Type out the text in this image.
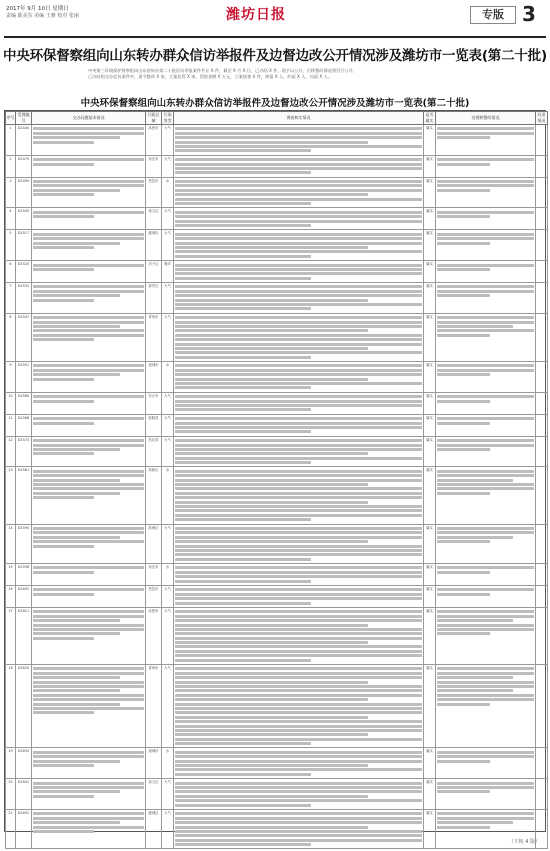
2017年 9月 10日 星期日
责编 陈美东 美编 王雅 校对 张丽	潍坊日报	专版 3
中央环保督察组向山东转办群众信访举报件及边督边改公开情况涉及潍坊市一览表(第二十批)

中央第三环境保护督察组向山东省转办第二十批信访举报案件共计 X 件，截至 9 月 X 日，已办结 X 件，现予以公开，后续整改情况将另行公开。

已办结的交办信访案件中，责令整改 X 家，立案处罚 X 家，罚款金额 X 万元，立案侦查 X 件，拘留 X 人，约谈 X 人，问责 X 人。

中央环保督察组向山东转办群众信访举报件及边督边改公开情况涉及潍坊市一览表(第二十批)
序号	受理编号	交办问题基本情况	行政区域	污染类型	调查核实情况	是否属实	处理和整改情况	问责情况
1	D1440		高密市	大气		属实	

2	D1470		寿光市	大气		属实	

3	D1490		昌邑市	水		属实	

4	D1500		奎文区	大气		属实	

5	D1517		潍城区	大气		属实	

6	D1520		坊子区	噪声		属实	

7	D1531		寒亭区	大气		属实	

8	D1547		青州市	大气		属实	

9	D1551		诸城市	水		属实	

10	D1560		安丘市	大气		属实	

11	D1568		临朐县	大气		属实	

12	D1573		昌乐县	大气		属实	

13	D1581		高新区	水		属实	

14	D1590		滨海区	大气		属实	

15	D1598		寿光市	水		属实	

16	D1602		昌邑市	大气		属实	

17	D1611		高密市	大气		属实	

18	D1620		青州市	大气		属实	

19	D1633		诸城市	水		属实	

20	D1641		奎文区	大气		属实	

21	D1652		潍城区	大气		属实	

（下转 4 版）
